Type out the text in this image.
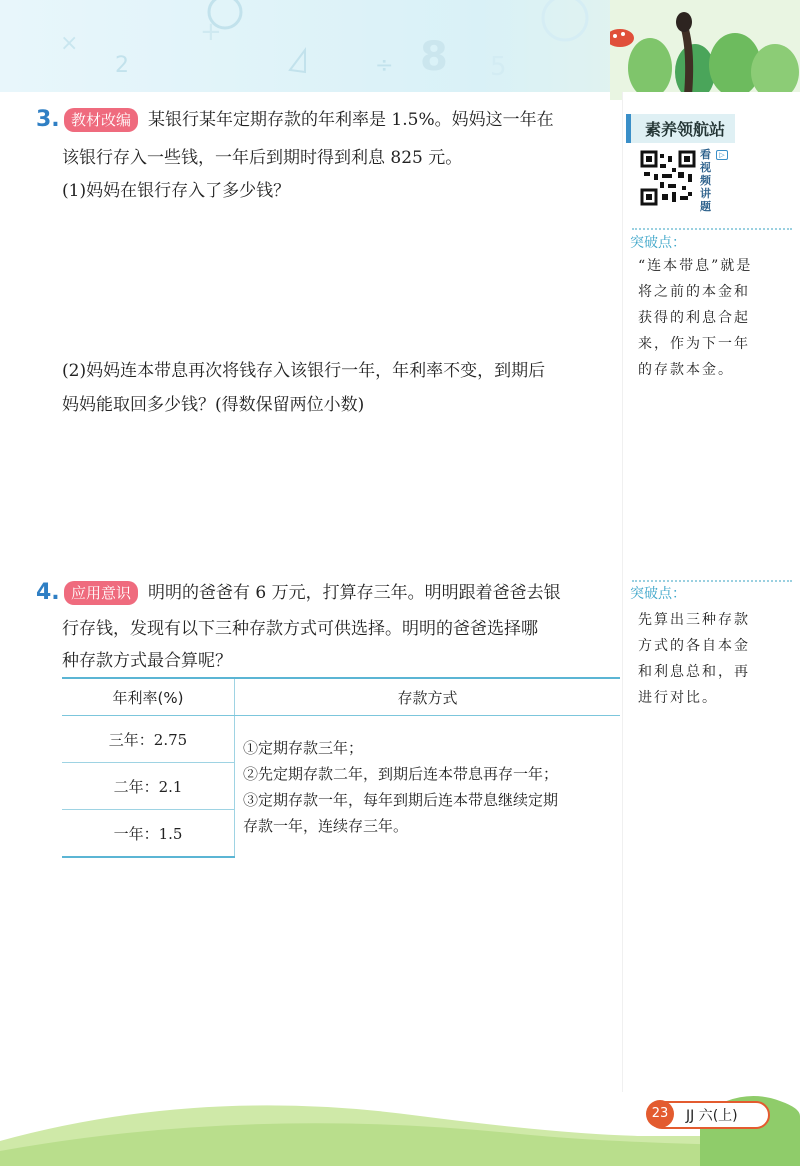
×
2
+
÷ 8 5
素养领航站
看
视
频
讲
题
▷
突破点：
“连本带息”就是
将之前的本金和
获得的利息合起
来，作为下一年
的存款本金。
突破点：
先算出三种存款
方式的各自本金
和利息总和，再
进行对比。
3. 教材改编 某银行某年定期存款的年利率是 1.5%。妈妈这一年在
该银行存入一些钱，一年后到期时得到利息 825 元。
(1)妈妈在银行存入了多少钱？
(2)妈妈连本带息再次将钱存入该银行一年，年利率不变，到期后
妈妈能取回多少钱？(得数保留两位小数)
4. 应用意识 明明的爸爸有 6 万元，打算存三年。明明跟着爸爸去银
行存钱，发现有以下三种存款方式可供选择。明明的爸爸选择哪
种存款方式最合算呢？
年利率(%)	存款方式
三年：2.75	①定期存款三年；
②先定期存款二年，到期后连本带息再存一年；
③定期存款一年，每年到期后连本带息继续定期
存款一年，连续存三年。

二年：2.1	
一年：1.5	
23	JJ 六(上)
